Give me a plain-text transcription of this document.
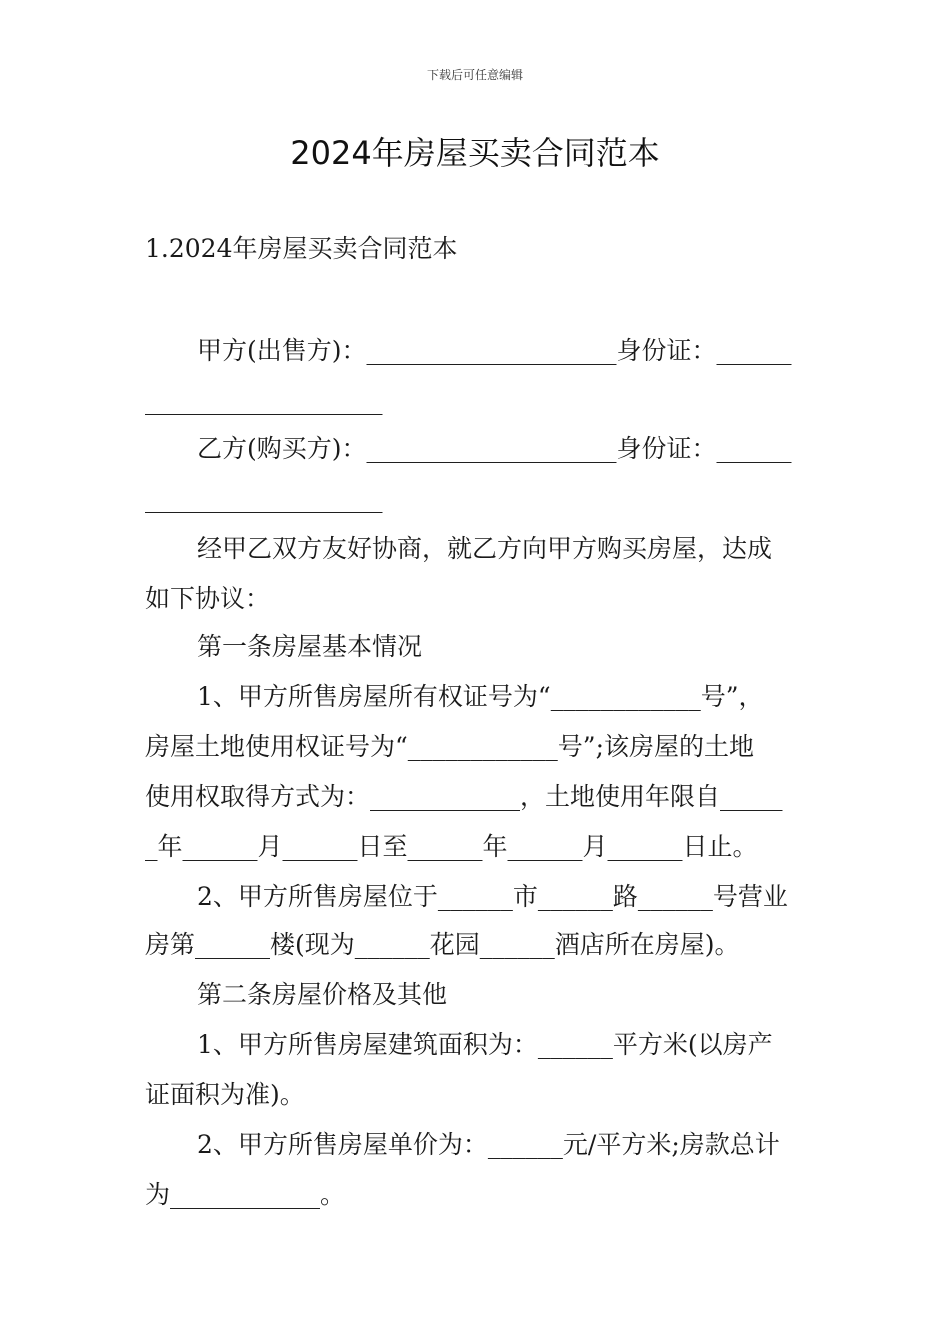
下载后可任意编辑
2024年房屋买卖合同范本
1.2024年房屋买卖合同范本
甲方(出售方)：____________________身份证：______
___________________
乙方(购买方)：____________________身份证：______
___________________
经甲乙双方友好协商，就乙方向甲方购买房屋，达成
如下协议：
第一条房屋基本情况
1、甲方所售房屋所有权证号为“____________号”，
房屋土地使用权证号为“____________号”;该房屋的土地
使用权取得方式为：____________，土地使用年限自_____
_年______月______日至______年______月______日止。
2、甲方所售房屋位于______市______路______号营业
房第______楼(现为______花园______酒店所在房屋)。
第二条房屋价格及其他
1、甲方所售房屋建筑面积为：______平方米(以房产
证面积为准)。
2、甲方所售房屋单价为：______元/平方米;房款总计
为____________。
